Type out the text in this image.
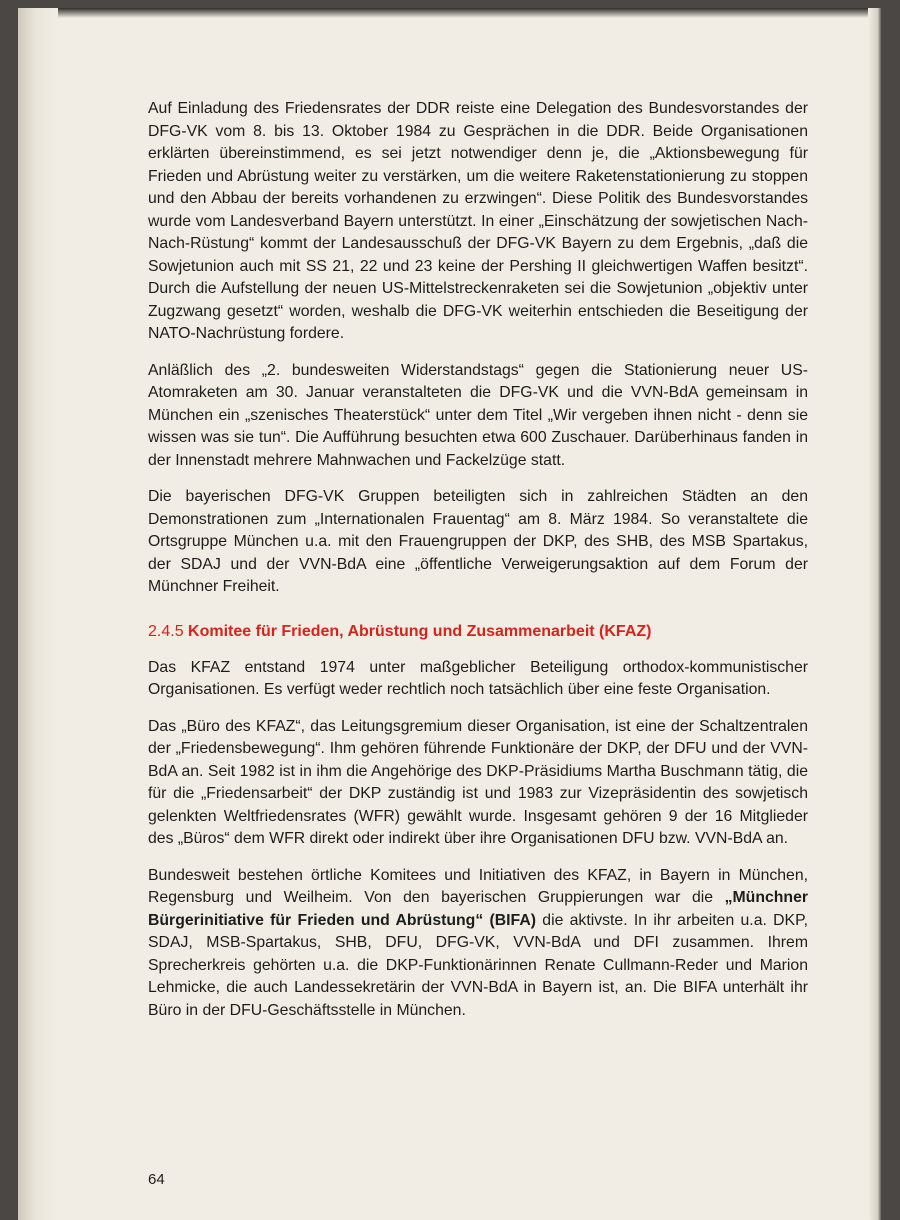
Auf Einladung des Friedensrates der DDR reiste eine Delegation des Bundesvorstandes der DFG-VK vom 8. bis 13. Oktober 1984 zu Gesprächen in die DDR. Beide Organisationen erklärten übereinstimmend, es sei jetzt notwendiger denn je, die „Aktionsbewegung für Frieden und Abrüstung weiter zu verstärken, um die weitere Raketenstationierung zu stoppen und den Abbau der bereits vorhandenen zu erzwingen“. Diese Politik des Bundesvorstandes wurde vom Landesverband Bayern unterstützt. In einer „Einschätzung der sowjetischen Nach-Nach-Rüstung“ kommt der Landesausschuß der DFG-VK Bayern zu dem Ergebnis, „daß die Sowjetunion auch mit SS 21, 22 und 23 keine der Pershing II gleichwertigen Waffen besitzt“. Durch die Aufstellung der neuen US-Mittelstreckenraketen sei die Sowjetunion „objektiv unter Zugzwang gesetzt“ worden, weshalb die DFG-VK weiterhin entschieden die Beseitigung der NATO-Nachrüstung fordere.

Anläßlich des „2. bundesweiten Widerstandstags“ gegen die Stationierung neuer US-Atomraketen am 30. Januar veranstalteten die DFG-VK und die VVN-BdA gemeinsam in München ein „szenisches Theaterstück“ unter dem Titel „Wir vergeben ihnen nicht - denn sie wissen was sie tun“. Die Aufführung besuchten etwa 600 Zuschauer. Darüberhinaus fanden in der Innenstadt mehrere Mahnwachen und Fackelzüge statt.

Die bayerischen DFG-VK Gruppen beteiligten sich in zahlreichen Städten an den Demonstrationen zum „Internationalen Frauentag“ am 8. März 1984. So veranstaltete die Ortsgruppe München u.a. mit den Frauengruppen der DKP, des SHB, des MSB Spartakus, der SDAJ und der VVN-BdA eine „öffentliche Verweigerungsaktion auf dem Forum der Münchner Freiheit.

2.4.5 Komitee für Frieden, Abrüstung und Zusammenarbeit (KFAZ)

Das KFAZ entstand 1974 unter maßgeblicher Beteiligung orthodox-kommunistischer Organisationen. Es verfügt weder rechtlich noch tatsächlich über eine feste Organisation.

Das „Büro des KFAZ“, das Leitungsgremium dieser Organisation, ist eine der Schaltzentralen der „Friedensbewegung“. Ihm gehören führende Funktionäre der DKP, der DFU und der VVN-BdA an. Seit 1982 ist in ihm die Angehörige des DKP-Präsidiums Martha Buschmann tätig, die für die „Friedensarbeit“ der DKP zuständig ist und 1983 zur Vizepräsidentin des sowjetisch gelenkten Weltfriedensrates (WFR) gewählt wurde. Insgesamt gehören 9 der 16 Mitglieder des „Büros“ dem WFR direkt oder indirekt über ihre Organisationen DFU bzw. VVN-BdA an.

Bundesweit bestehen örtliche Komitees und Initiativen des KFAZ, in Bayern in München, Regensburg und Weilheim. Von den bayerischen Gruppierungen war die „Münchner Bürgerinitiative für Frieden und Abrüstung“ (BIFA) die aktivste. In ihr arbeiten u.a. DKP, SDAJ, MSB-Spartakus, SHB, DFU, DFG-VK, VVN-BdA und DFI zusammen. Ihrem Sprecherkreis gehörten u.a. die DKP-Funktionärinnen Renate Cullmann-Reder und Marion Lehmicke, die auch Landessekretärin der VVN-BdA in Bayern ist, an. Die BIFA unterhält ihr Büro in der DFU-Geschäftsstelle in München.

64
